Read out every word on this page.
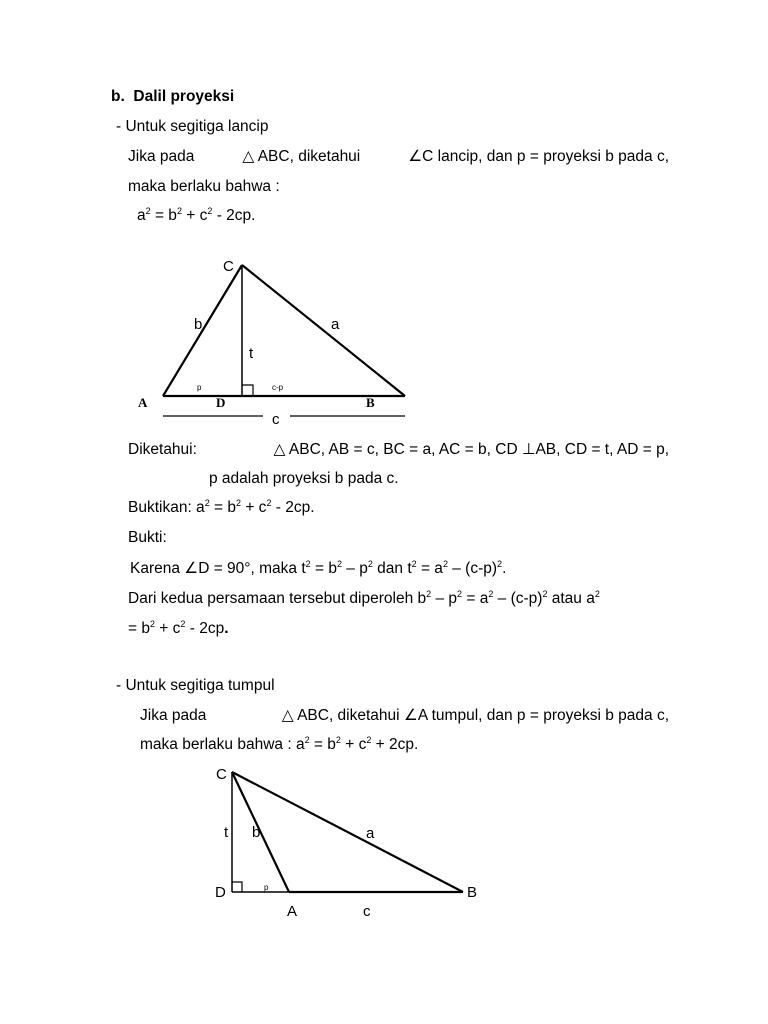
b. Dalil proyeksi
- Untuk segitiga lancip
Jika pada	△ ABC, diketahui	∠C lancip, dan p = proyeksi b pada c,
maka berlaku bahwa :
$a^2 = b^2 + c^2 - 2cp$.
C
b	a
t
p	c-p
A	D	B
c
Diketahui:	△ ABC, AB = c, BC = a, AC = b, CD ⊥AB, CD = t, AD = p,
p adalah proyeksi b pada c.
Buktikan: $a^2 = b^2 + c^2 - 2cp$.
Bukti:
Karena ∠D = 90°, maka $t^2 = b^2 - p^2$ dan $t^2 = a^2 - (c-p)^2$.
Dari kedua persamaan tersebut diperoleh $b^2 - p^2 = a^2 - (c-p)^2$ atau $a^2$
= $b^2 + c^2 - 2cp$.
- Untuk segitiga tumpul
Jika pada	△ ABC, diketahui ∠A tumpul, dan p = proyeksi b pada c,
maka berlaku bahwa : $a^2 = b^2 + c^2 + 2cp$.
C
t b	a
D	p	B
A	c
